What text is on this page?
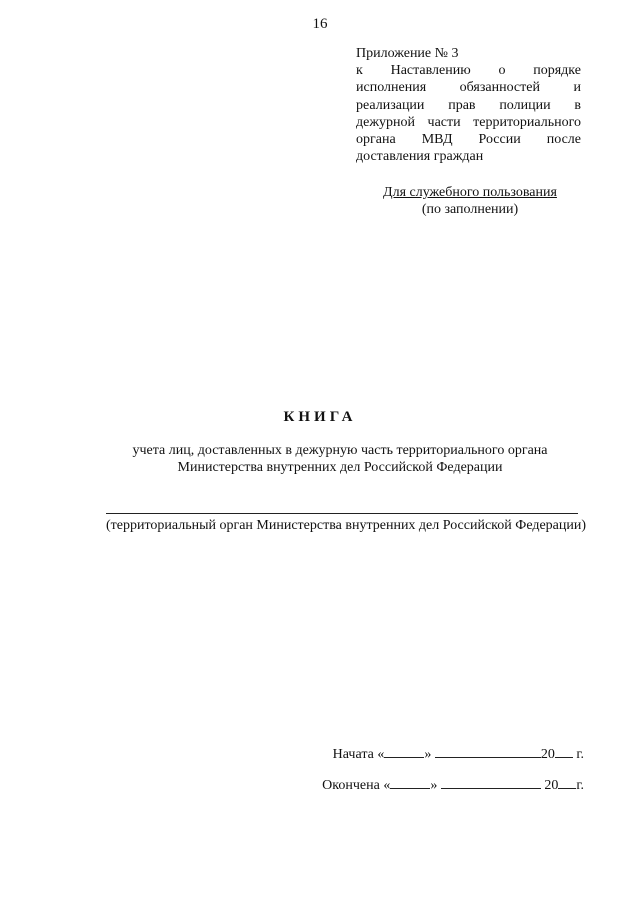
16
Приложение № 3
к Наставлению о порядке
исполнения обязанностей и
реализации прав полиции в
дежурной части территориального
органа МВД России после
доставления граждан
Для служебного пользования
(по заполнении)
КНИГА
учета лиц, доставленных в дежурную часть территориального органа
Министерства внутренних дел Российской Федерации
(территориальный орган Министерства внутренних дел Российской Федерации)
Начата «	»	20 г.
Окончена «	»	20 г.
